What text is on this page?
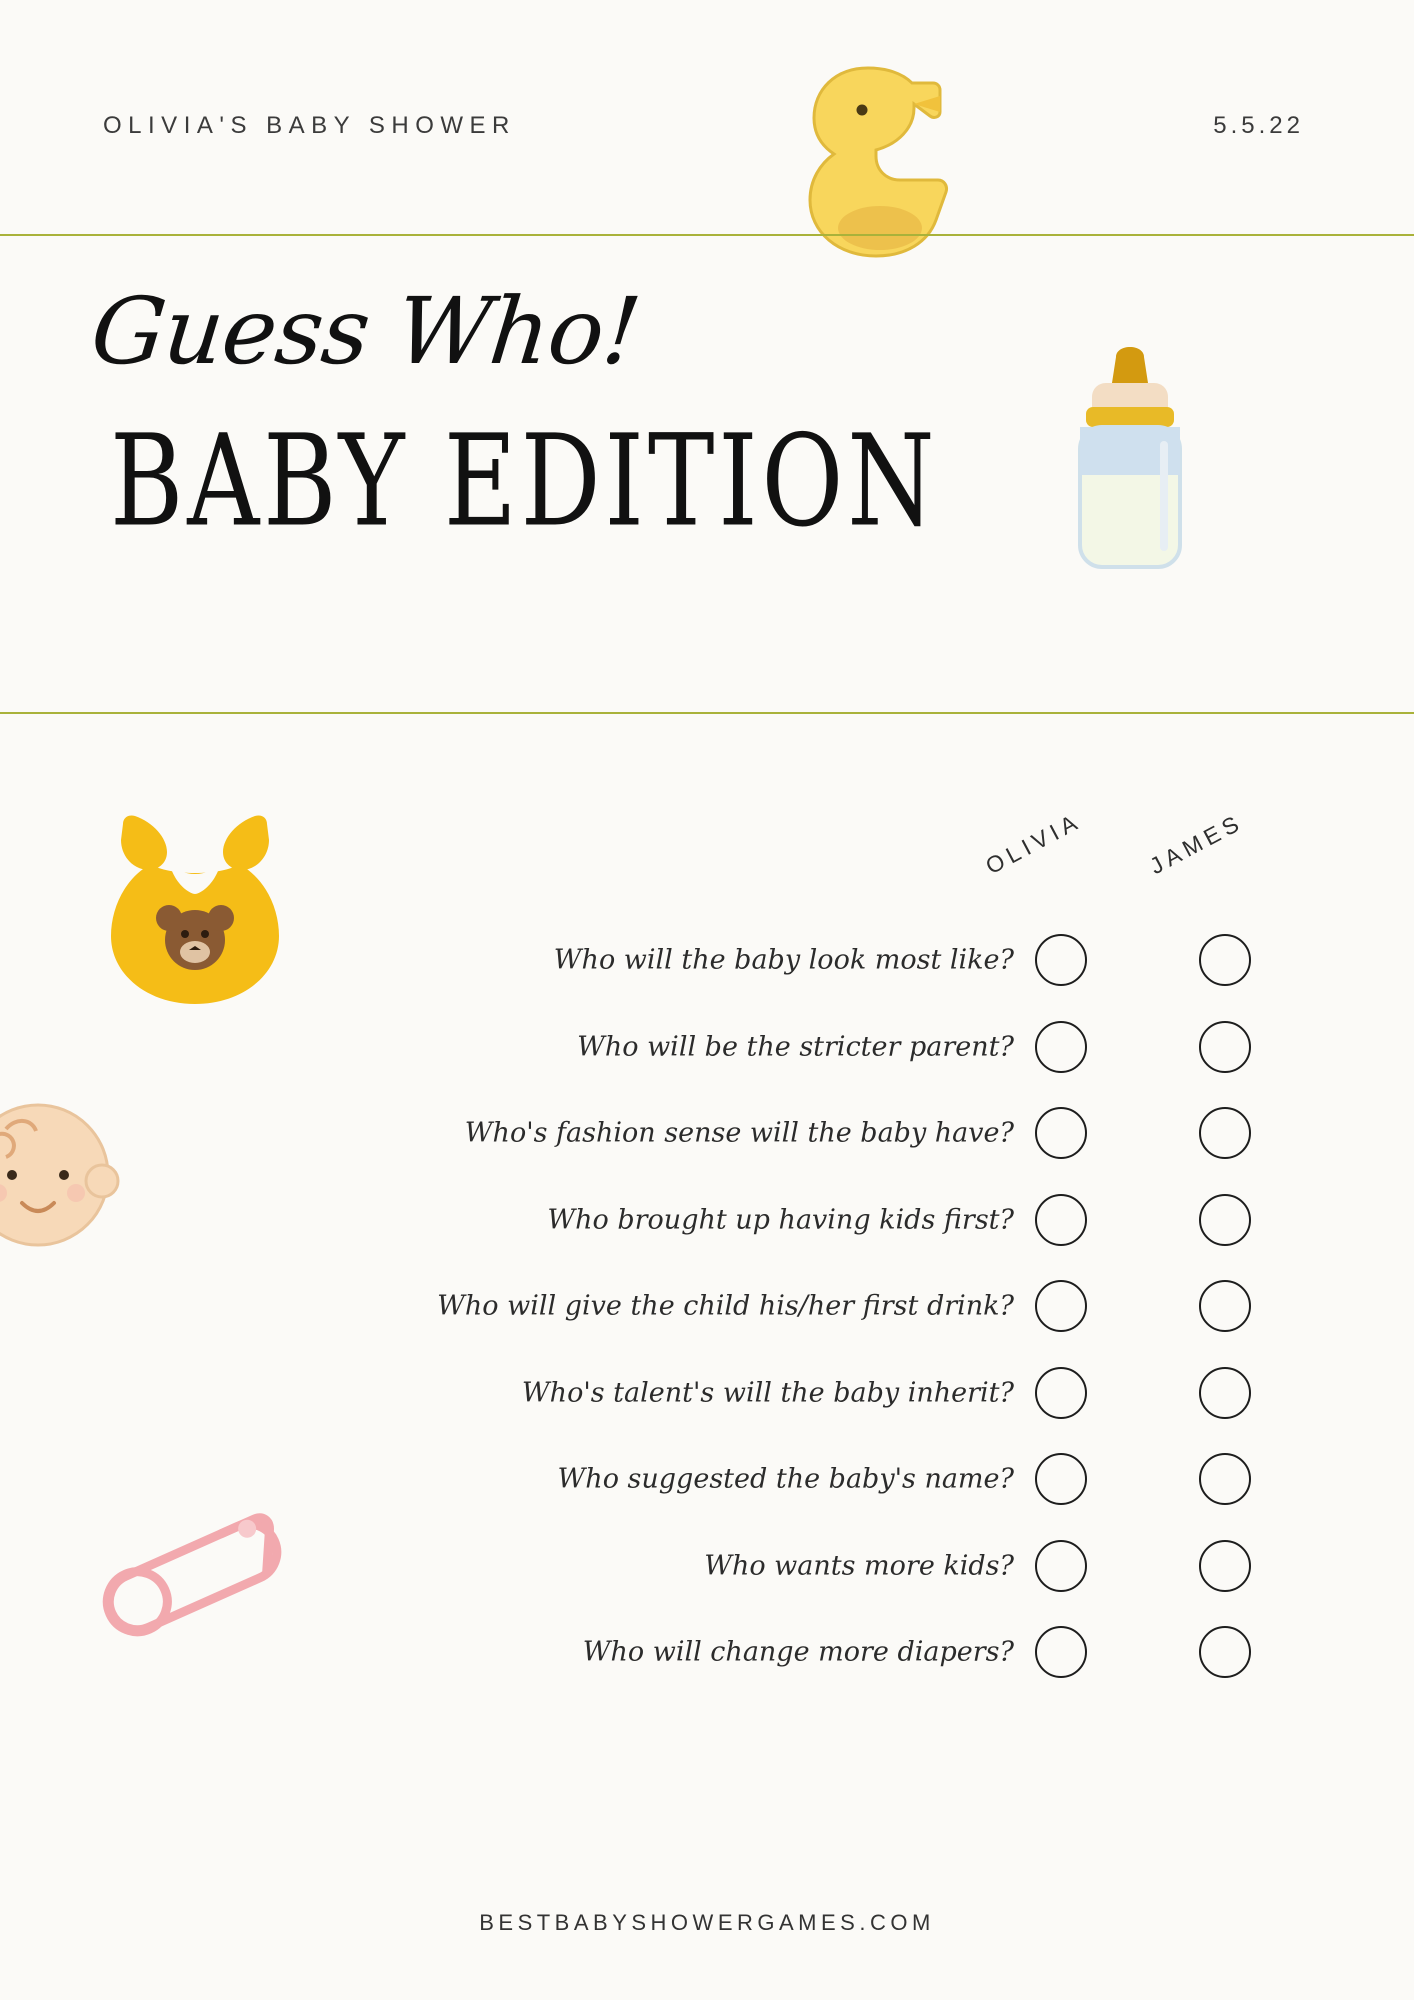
OLIVIA'S BABY SHOWER	5.5.22
Guess Who!
BABY EDITION
OLIVIA	JAMES
Who will the baby look most like?
Who will be the stricter parent?
Who's fashion sense will the baby have?
Who brought up having kids first?
Who will give the child his/her first drink?
Who's talent's will the baby inherit?
Who suggested the baby's name?
Who wants more kids?
Who will change more diapers?
BESTBABYSHOWERGAMES.COM
